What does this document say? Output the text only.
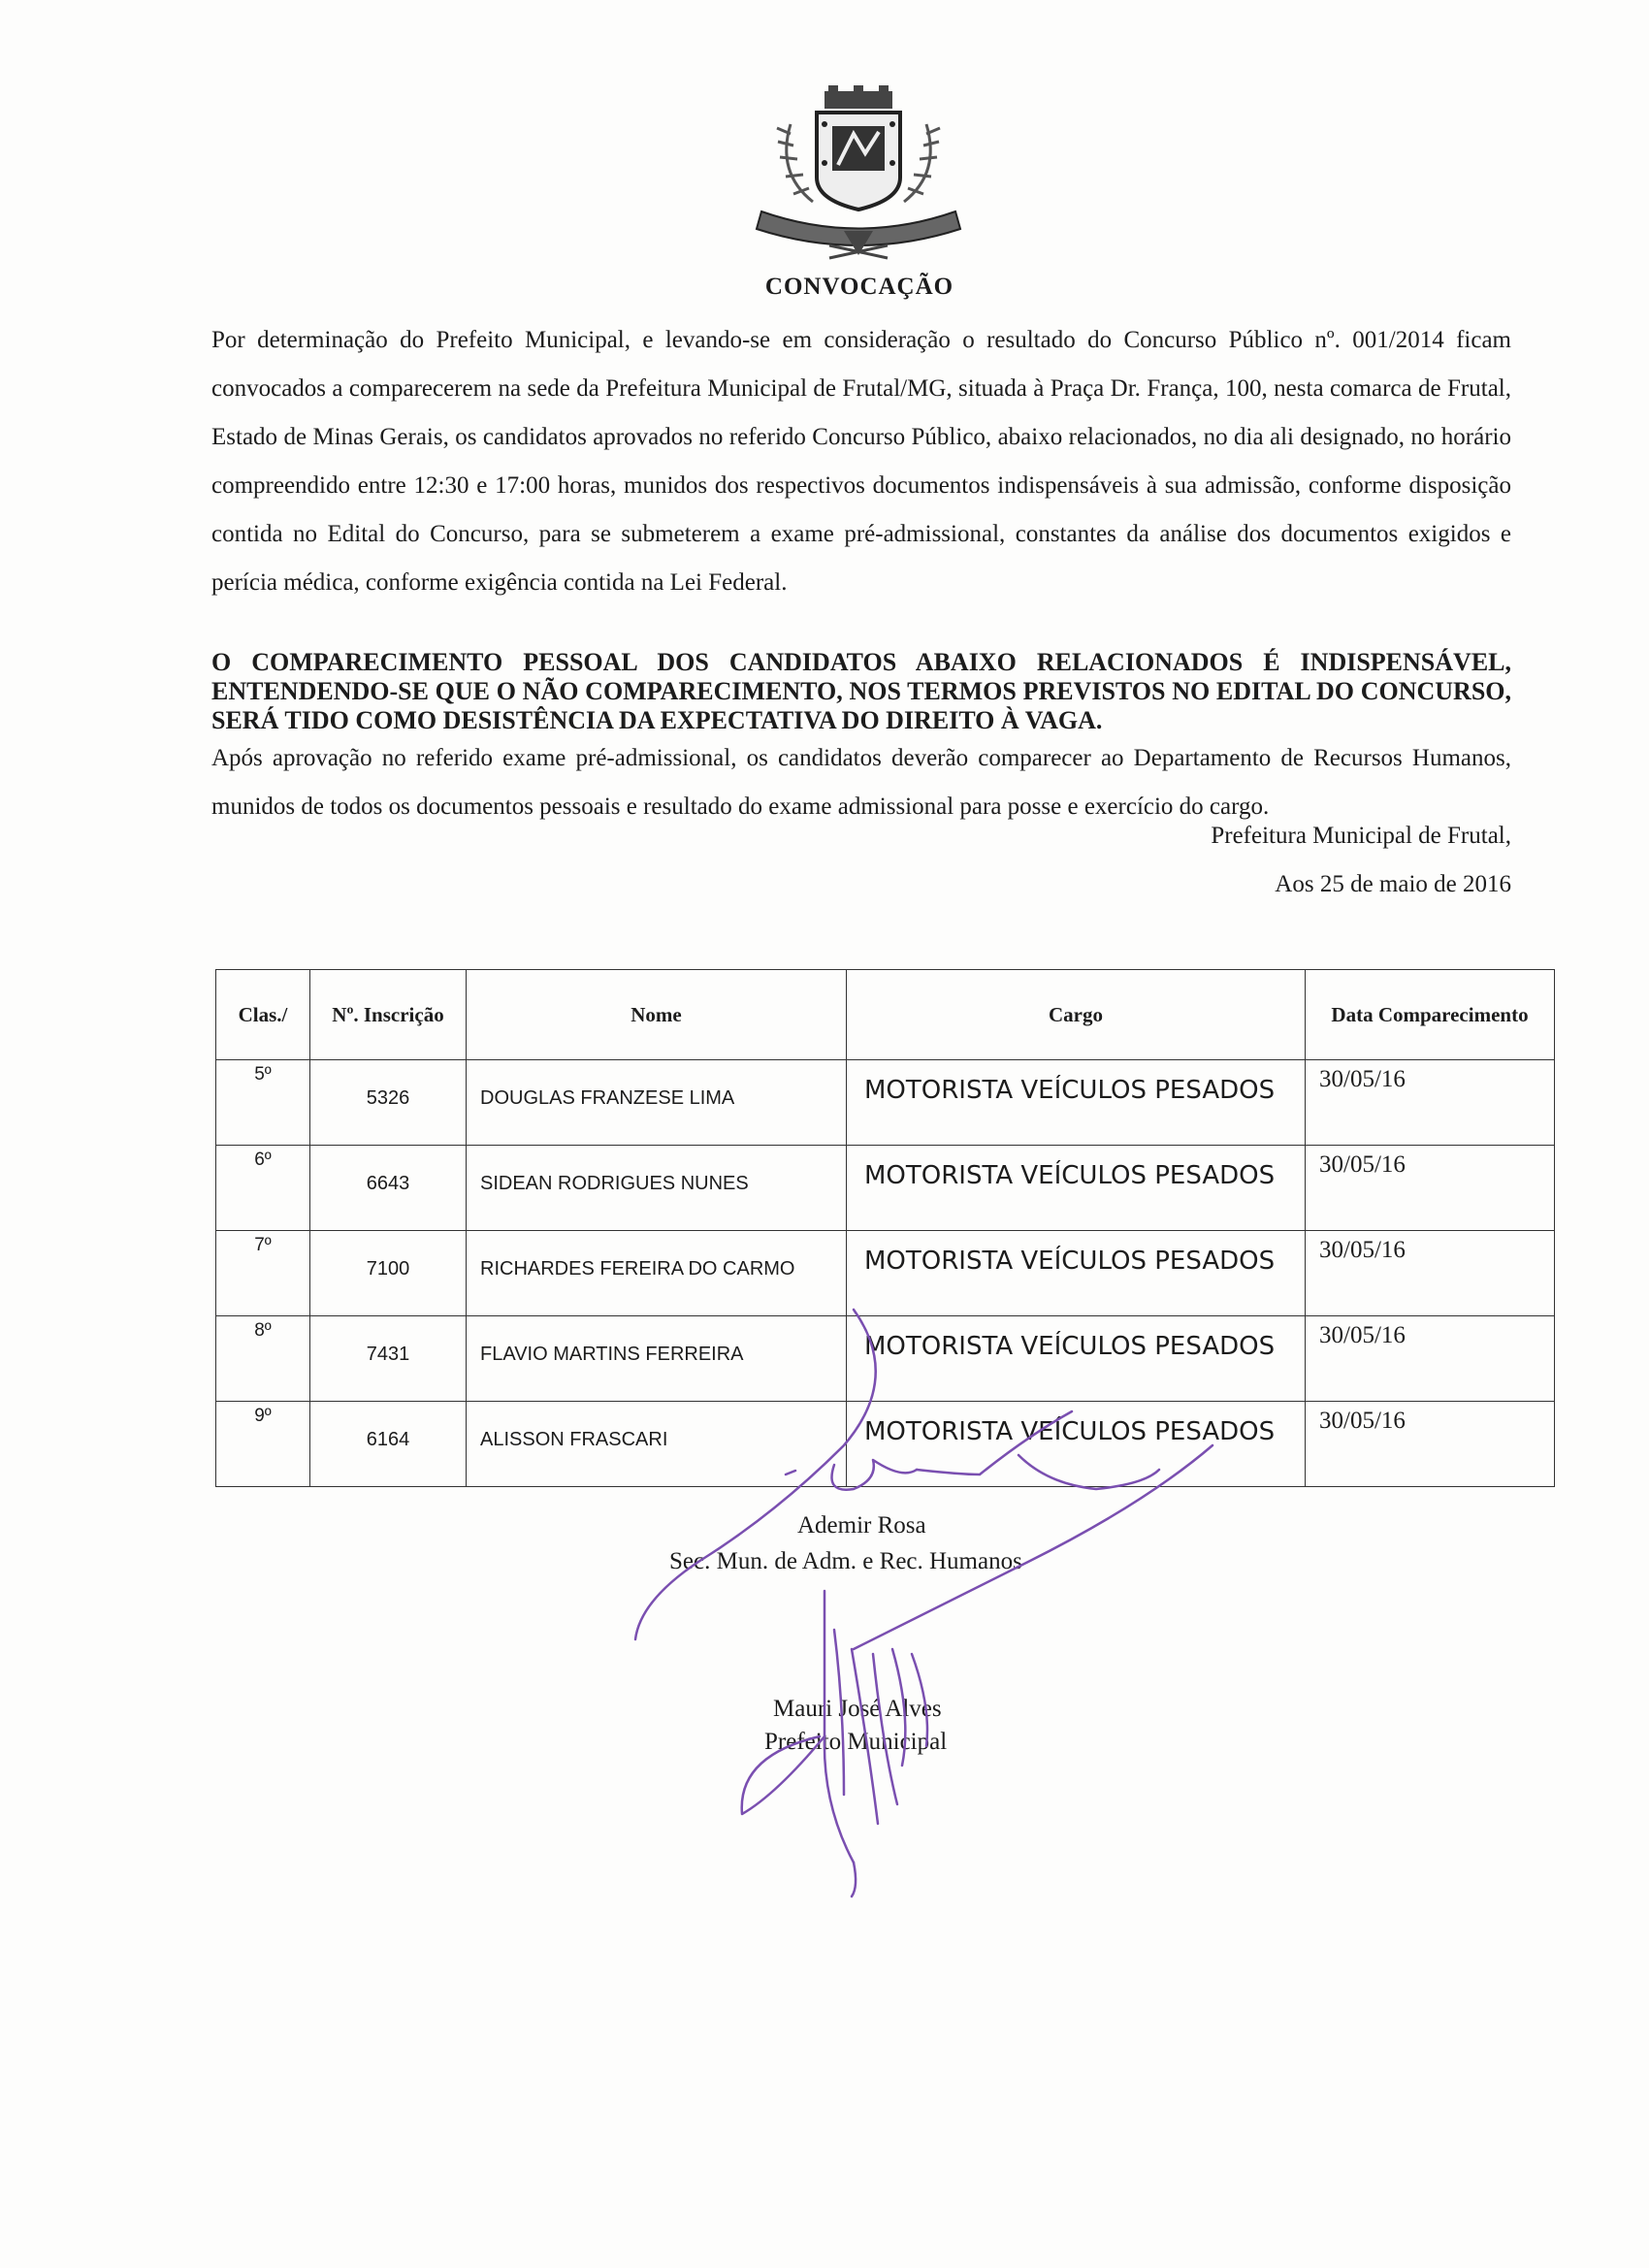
CONVOCAÇÃO
Por determinação do Prefeito Municipal, e levando-se em consideração o resultado do Concurso Público nº. 001/2014 ficam convocados a comparecerem na sede da Prefeitura Municipal de Frutal/MG, situada à Praça Dr. França, 100, nesta comarca de Frutal, Estado de Minas Gerais, os candidatos aprovados no referido Concurso Público, abaixo relacionados, no dia ali designado, no horário compreendido entre 12:30 e 17:00 horas, munidos dos respectivos documentos indispensáveis à sua admissão, conforme disposição contida no Edital do Concurso, para se submeterem a exame pré-admissional, constantes da análise dos documentos exigidos e perícia médica, conforme exigência contida na Lei Federal.
O COMPARECIMENTO PESSOAL DOS CANDIDATOS ABAIXO RELACIONADOS É INDISPENSÁVEL, ENTENDENDO-SE QUE O NÃO COMPARECIMENTO, NOS TERMOS PREVISTOS NO EDITAL DO CONCURSO, SERÁ TIDO COMO DESISTÊNCIA DA EXPECTATIVA DO DIREITO À VAGA.
Após aprovação no referido exame pré-admissional, os candidatos deverão comparecer ao Departamento de Recursos Humanos, munidos de todos os documentos pessoais e resultado do exame admissional para posse e exercício do cargo.
Prefeitura Municipal de Frutal,
Aos 25 de maio de 2016
Clas./	Nº. Inscrição	Nome	Cargo	Data Comparecimento
5º	5326	DOUGLAS FRANZESE LIMA	MOTORISTA VEÍCULOS PESADOS	30/05/16
6º	6643	SIDEAN RODRIGUES NUNES	MOTORISTA VEÍCULOS PESADOS	30/05/16
7º	7100	RICHARDES FEREIRA DO CARMO	MOTORISTA VEÍCULOS PESADOS	30/05/16
8º	7431	FLAVIO MARTINS FERREIRA	MOTORISTA VEÍCULOS PESADOS	30/05/16
9º	6164	ALISSON FRASCARI	MOTORISTA VEÍCULOS PESADOS	30/05/16
Ademir Rosa
Sec. Mun. de Adm. e Rec. Humanos
Mauri José Alves
Prefeito Municipal
